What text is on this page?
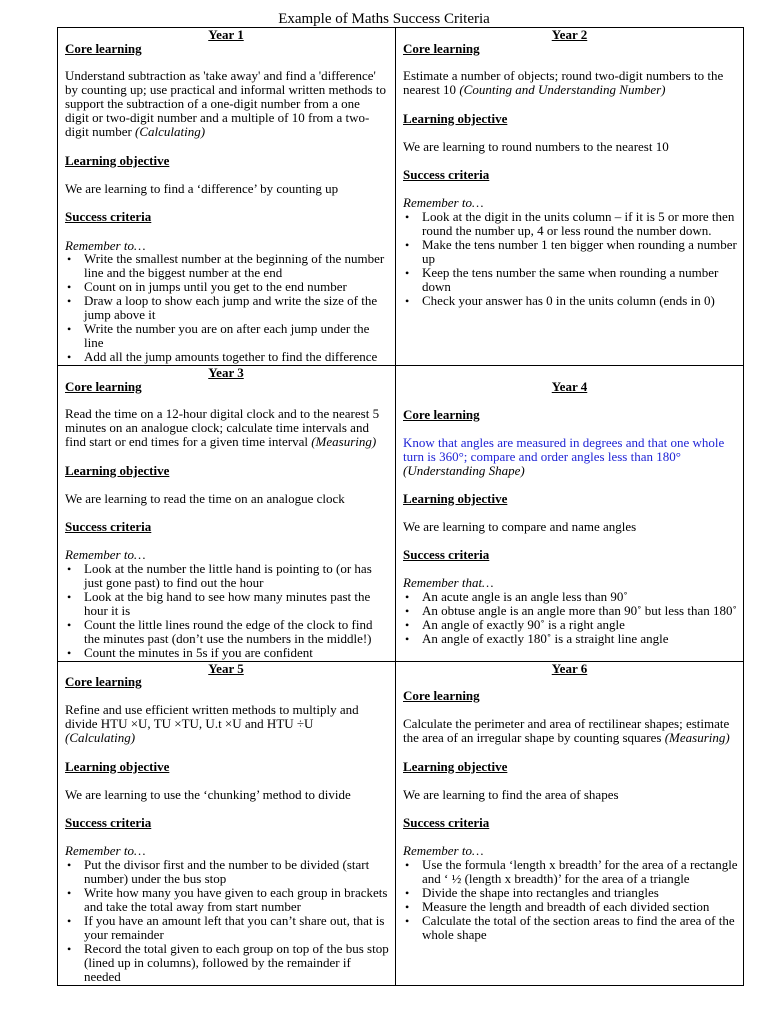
Example of Maths Success Criteria
Year 1
Core learning
Understand subtraction as 'take away' and find a 'difference' by counting up; use practical and informal written methods to support the subtraction of a one-digit number from a one digit or two-digit number and a multiple of 10 from a two-digit number (Calculating)
Learning objective
We are learning to find a ‘difference’ by counting up
Success criteria
Remember to…
• Write the smallest number at the beginning of the number line and the biggest number at the end
• Count on in jumps until you get to the end number
• Draw a loop to show each jump and write the size of the jump above it
• Write the number you are on after each jump under the line
• Add all the jump amounts together to find the difference
Year 2
Core learning
Estimate a number of objects; round two-digit numbers to the nearest 10 (Counting and Understanding Number)
Learning objective
We are learning to round numbers to the nearest 10
Success criteria
Remember to…
• Look at the digit in the units column – if it is 5 or more then round the number up, 4 or less round the number down.
• Make the tens number 1 ten bigger when rounding a number up
• Keep the tens number the same when rounding a number down
• Check your answer has 0 in the units column (ends in 0)
Year 3
Core learning
Read the time on a 12-hour digital clock and to the nearest 5 minutes on an analogue clock; calculate time intervals and find start or end times for a given time interval (Measuring)
Learning objective
We are learning to read the time on an analogue clock
Success criteria
Remember to…
• Look at the number the little hand is pointing to (or has just gone past) to find out the hour
• Look at the big hand to see how many minutes past the hour it is
• Count the little lines round the edge of the clock to find the minutes past (don’t use the numbers in the middle!)
• Count the minutes in 5s if you are confident
Year 4
Core learning
Know that angles are measured in degrees and that one whole turn is 360°; compare and order angles less than 180°
(Understanding Shape)
Learning objective
We are learning to compare and name angles
Success criteria
Remember that…
• An acute angle is an angle less than 90˚
• An obtuse angle is an angle more than 90˚ but less than 180˚
• An angle of exactly 90˚ is a right angle
• An angle of exactly 180˚ is a straight line angle
Year 5
Core learning
Refine and use efficient written methods to multiply and divide HTU ×U, TU ×TU, U.t ×U and HTU ÷U
(Calculating)
Learning objective
We are learning to use the ‘chunking’ method to divide
Success criteria
Remember to…
• Put the divisor first and the number to be divided (start number) under the bus stop
• Write how many you have given to each group in brackets and take the total away from start number
• If you have an amount left that you can’t share out, that is your remainder
• Record the total given to each group on top of the bus stop (lined up in columns), followed by the remainder if needed
Year 6
Core learning
Calculate the perimeter and area of rectilinear shapes; estimate the area of an irregular shape by counting squares (Measuring)
Learning objective
We are learning to find the area of shapes
Success criteria
Remember to…
• Use the formula ‘length x breadth’ for the area of a rectangle and ‘ ½ (length x breadth)’ for the area of a triangle
• Divide the shape into rectangles and triangles
• Measure the length and breadth of each divided section
• Calculate the total of the section areas to find the area of the whole shape
